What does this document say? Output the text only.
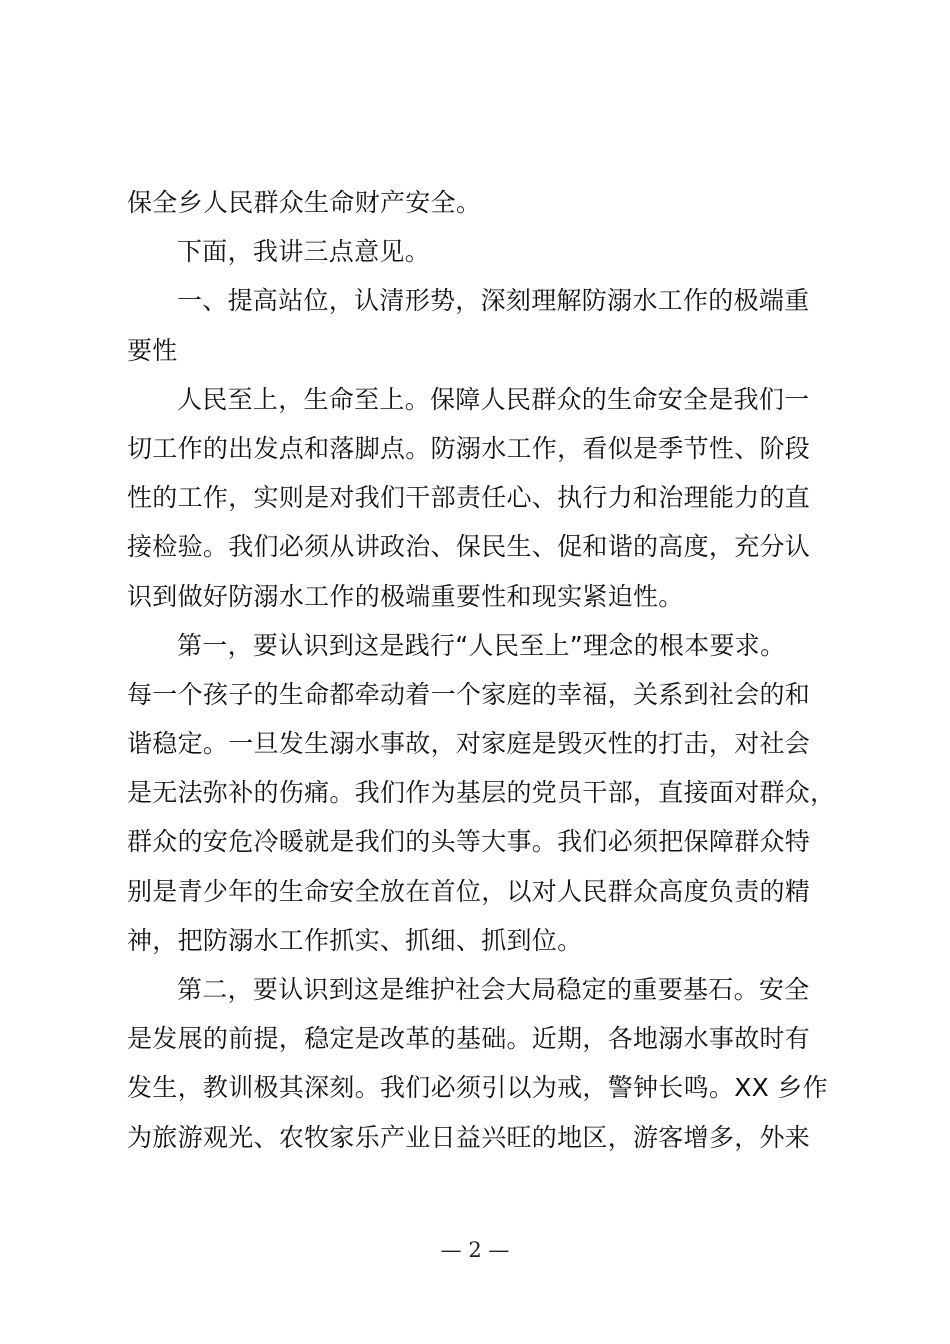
保全乡人民群众生命财产安全。
下面，我讲三点意见。
一、提高站位，认清形势，深刻理解防溺水工作的极端重
要性
人民至上，生命至上。保障人民群众的生命安全是我们一
切工作的出发点和落脚点。防溺水工作，看似是季节性、阶段
性的工作，实则是对我们干部责任心、执行力和治理能力的直
接检验。我们必须从讲政治、保民生、促和谐的高度，充分认
识到做好防溺水工作的极端重要性和现实紧迫性。
第一，要认识到这是践行“人民至上”理念的根本要求。
每一个孩子的生命都牵动着一个家庭的幸福，关系到社会的和
谐稳定。一旦发生溺水事故，对家庭是毁灭性的打击，对社会
是无法弥补的伤痛。我们作为基层的党员干部，直接面对群众，
群众的安危冷暖就是我们的头等大事。我们必须把保障群众特
别是青少年的生命安全放在首位，以对人民群众高度负责的精
神，把防溺水工作抓实、抓细、抓到位。
第二，要认识到这是维护社会大局稳定的重要基石。安全
是发展的前提，稳定是改革的基础。近期，各地溺水事故时有
发生，教训极其深刻。我们必须引以为戒，警钟长鸣。XX 乡作
为旅游观光、农牧家乐产业日益兴旺的地区，游客增多，外来
— 2 —
